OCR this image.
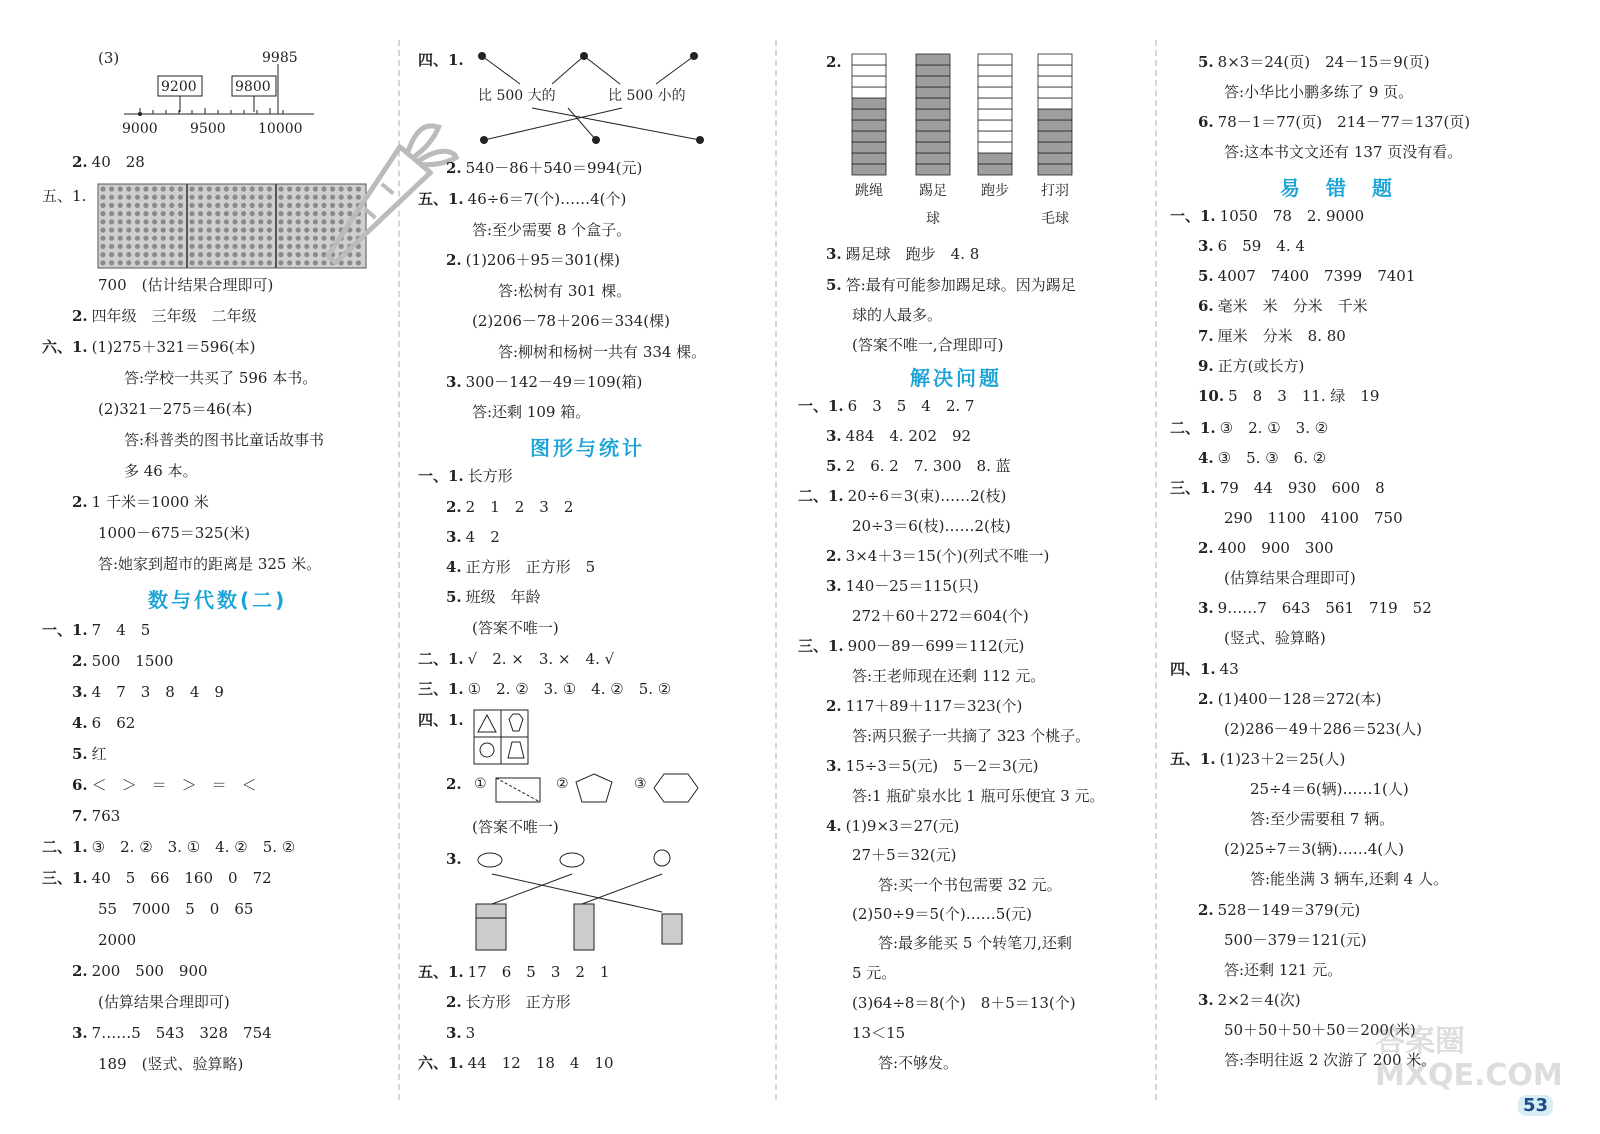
(3)	9985
9200	9800
9000 9500 10000
2. 40　28
五、1.
700　(估计结果合理即可)
2. 四年级　三年级　二年级
六、1. (1)275＋321＝596(本)
答:学校一共买了 596 本书。
(2)321－275＝46(本)
答:科普类的图书比童话故事书
多 46 本。
2. 1 千米＝1000 米
1000－675＝325(米)
答:她家到超市的距离是 325 米。
数与代数(二)
一、1. 7　4　5
2. 500　1500
3. 4　7　3　8　4　9
4. 6　62
5. 红
6. ＜　＞　＝　＞　＝　＜
7. 763
二、1. ③　2. ②　3. ①　4. ②　5. ②
三、1. 40　5　66　160　0　72
55　7000　5　0　65
2000
2. 200　500　900
(估算结果合理即可)
3. 7……5　543　328　754
189　(竖式、验算略)
四、1.
比 500 大的	比 500 小的
2. 540－86＋540＝994(元)
五、1. 46÷6＝7(个)……4(个)
答:至少需要 8 个盒子。
2. (1)206＋95＝301(棵)
答:松树有 301 棵。
(2)206－78＋206＝334(棵)
答:柳树和杨树一共有 334 棵。
3. 300－142－49＝109(箱)
答:还剩 109 箱。
图形与统计
一、1. 长方形
2. 2　1　2　3　2
3. 4　2
4. 正方形　正方形　5
5. 班级　年龄
(答案不唯一)
二、1. √　2. ×　3. ×　4. √
三、1. ①　2. ②　3. ①　4. ②　5. ②
四、1.
2. ①	②	③
(答案不唯一)
3.
五、1. 17　6　5　3　2　1
2. 长方形　正方形
3. 3
六、1. 44　12　18　4　10
2.
跳绳	踢足
球
跑步 打羽
毛球
3. 踢足球　跑步　4. 8
5. 答:最有可能参加踢足球。因为踢足
球的人最多。
(答案不唯一,合理即可)
解决问题
一、1. 6　3　5　4　2. 7
3. 484　4. 202　92
5. 2　6. 2　7. 300　8. 蓝
二、1. 20÷6＝3(束)……2(枝)
20÷3＝6(枝)……2(枝)
2. 3×4＋3＝15(个)(列式不唯一)
3. 140－25＝115(只)
272＋60＋272＝604(个)
三、1. 900－89－699＝112(元)
答:王老师现在还剩 112 元。
2. 117＋89＋117＝323(个)
答:两只猴子一共摘了 323 个桃子。
3. 15÷3＝5(元)　5－2＝3(元)
答:1 瓶矿泉水比 1 瓶可乐便宜 3 元。
4. (1)9×3＝27(元)
27＋5＝32(元)
答:买一个书包需要 32 元。
(2)50÷9＝5(个)……5(元)
答:最多能买 5 个转笔刀,还剩
5 元。
(3)64÷8＝8(个)　8＋5＝13(个)
13＜15
答:不够发。
5. 8×3＝24(页)　24－15＝9(页)
答:小华比小鹏多练了 9 页。
6. 78－1＝77(页)　214－77＝137(页)
答:这本书文文还有 137 页没有看。
易　错　题
一、1. 1050　78　2. 9000
3. 6　59　4. 4
5. 4007　7400　7399　7401
6. 毫米　米　分米　千米
7. 厘米　分米　8. 80
9. 正方(或长方)
10. 5　8　3　11. 绿　19
二、1. ③　2. ①　3. ②
4. ③　5. ③　6. ②
三、1. 79　44　930　600　8
290　1100　4100　750
2. 400　900　300
(估算结果合理即可)
3. 9……7　643　561　719　52
(竖式、验算略)
四、1. 43
2. (1)400－128＝272(本)
(2)286－49＋286＝523(人)
五、1. (1)23＋2＝25(人)
25÷4＝6(辆)……1(人)
答:至少需要租 7 辆。
(2)25÷7＝3(辆)……4(人)
答:能坐满 3 辆车,还剩 4 人。
2. 528－149＝379(元)
500－379＝121(元)
答:还剩 121 元。
3. 2×2＝4(次)
50＋50＋50＋50＝200(米)
答:李明往返 2 次游了 200 米。
答案圈 MXQE.COM
53
